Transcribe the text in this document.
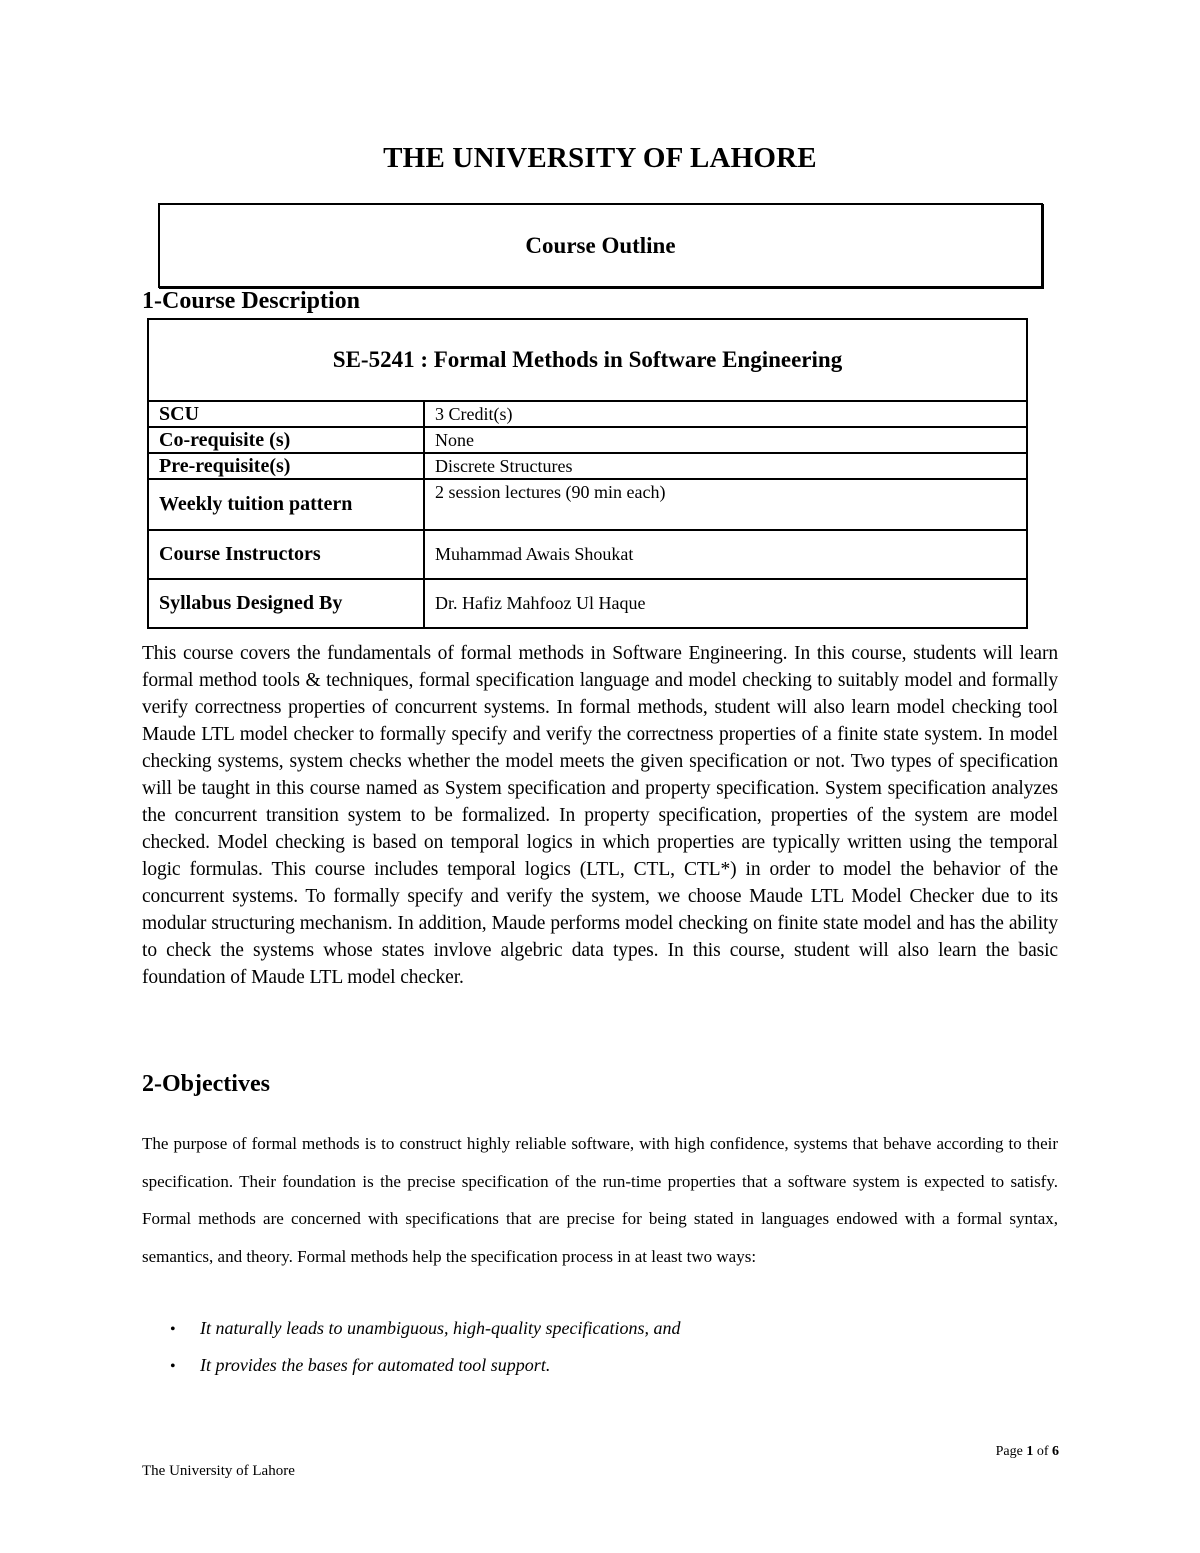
THE UNIVERSITY OF LAHORE
Course Outline
1-Course Description
SE-5241 : Formal Methods in Software Engineering	
SCU	3 Credit(s)
Co-requisite (s)	None
Pre-requisite(s)	Discrete Structures
Weekly tuition pattern	2 session lectures (90 min each)
Course Instructors	Muhammad Awais Shoukat
Syllabus Designed By	Dr. Hafiz Mahfooz Ul Haque
This course covers the fundamentals of formal methods in Software Engineering. In this course, students will learn formal method tools & techniques, formal specification language and model checking to suitably model and formally verify correctness properties of concurrent systems. In formal methods, student will also learn model checking tool Maude LTL model checker to formally specify and verify the correctness properties of a finite state system. In model checking systems, system checks whether the model meets the given specification or not. Two types of specification will be taught in this course named as System specification and property specification. System specification analyzes the concurrent transition system to be formalized. In property specification, properties of the system are model checked. Model checking is based on temporal logics in which properties are typically written using the temporal logic formulas. This course includes temporal logics (LTL, CTL, CTL*) in order to model the behavior of the concurrent systems. To formally specify and verify the system, we choose Maude LTL Model Checker due to its modular structuring mechanism. In addition, Maude performs model checking on finite state model and has the ability to check the systems whose states invlove algebric data types. In this course, student will also learn the basic foundation of Maude LTL model checker.
2-Objectives
The purpose of formal methods is to construct highly reliable software, with high confidence, systems that behave according to their specification. Their foundation is the precise specification of the run-time properties that a software system is expected to satisfy. Formal methods are concerned with specifications that are precise for being stated in languages endowed with a formal syntax, semantics, and theory. Formal methods help the specification process in at least two ways:
• It naturally leads to unambiguous, high-quality specifications, and
• It provides the bases for automated tool support.
Page 1 of 6
The University of Lahore
